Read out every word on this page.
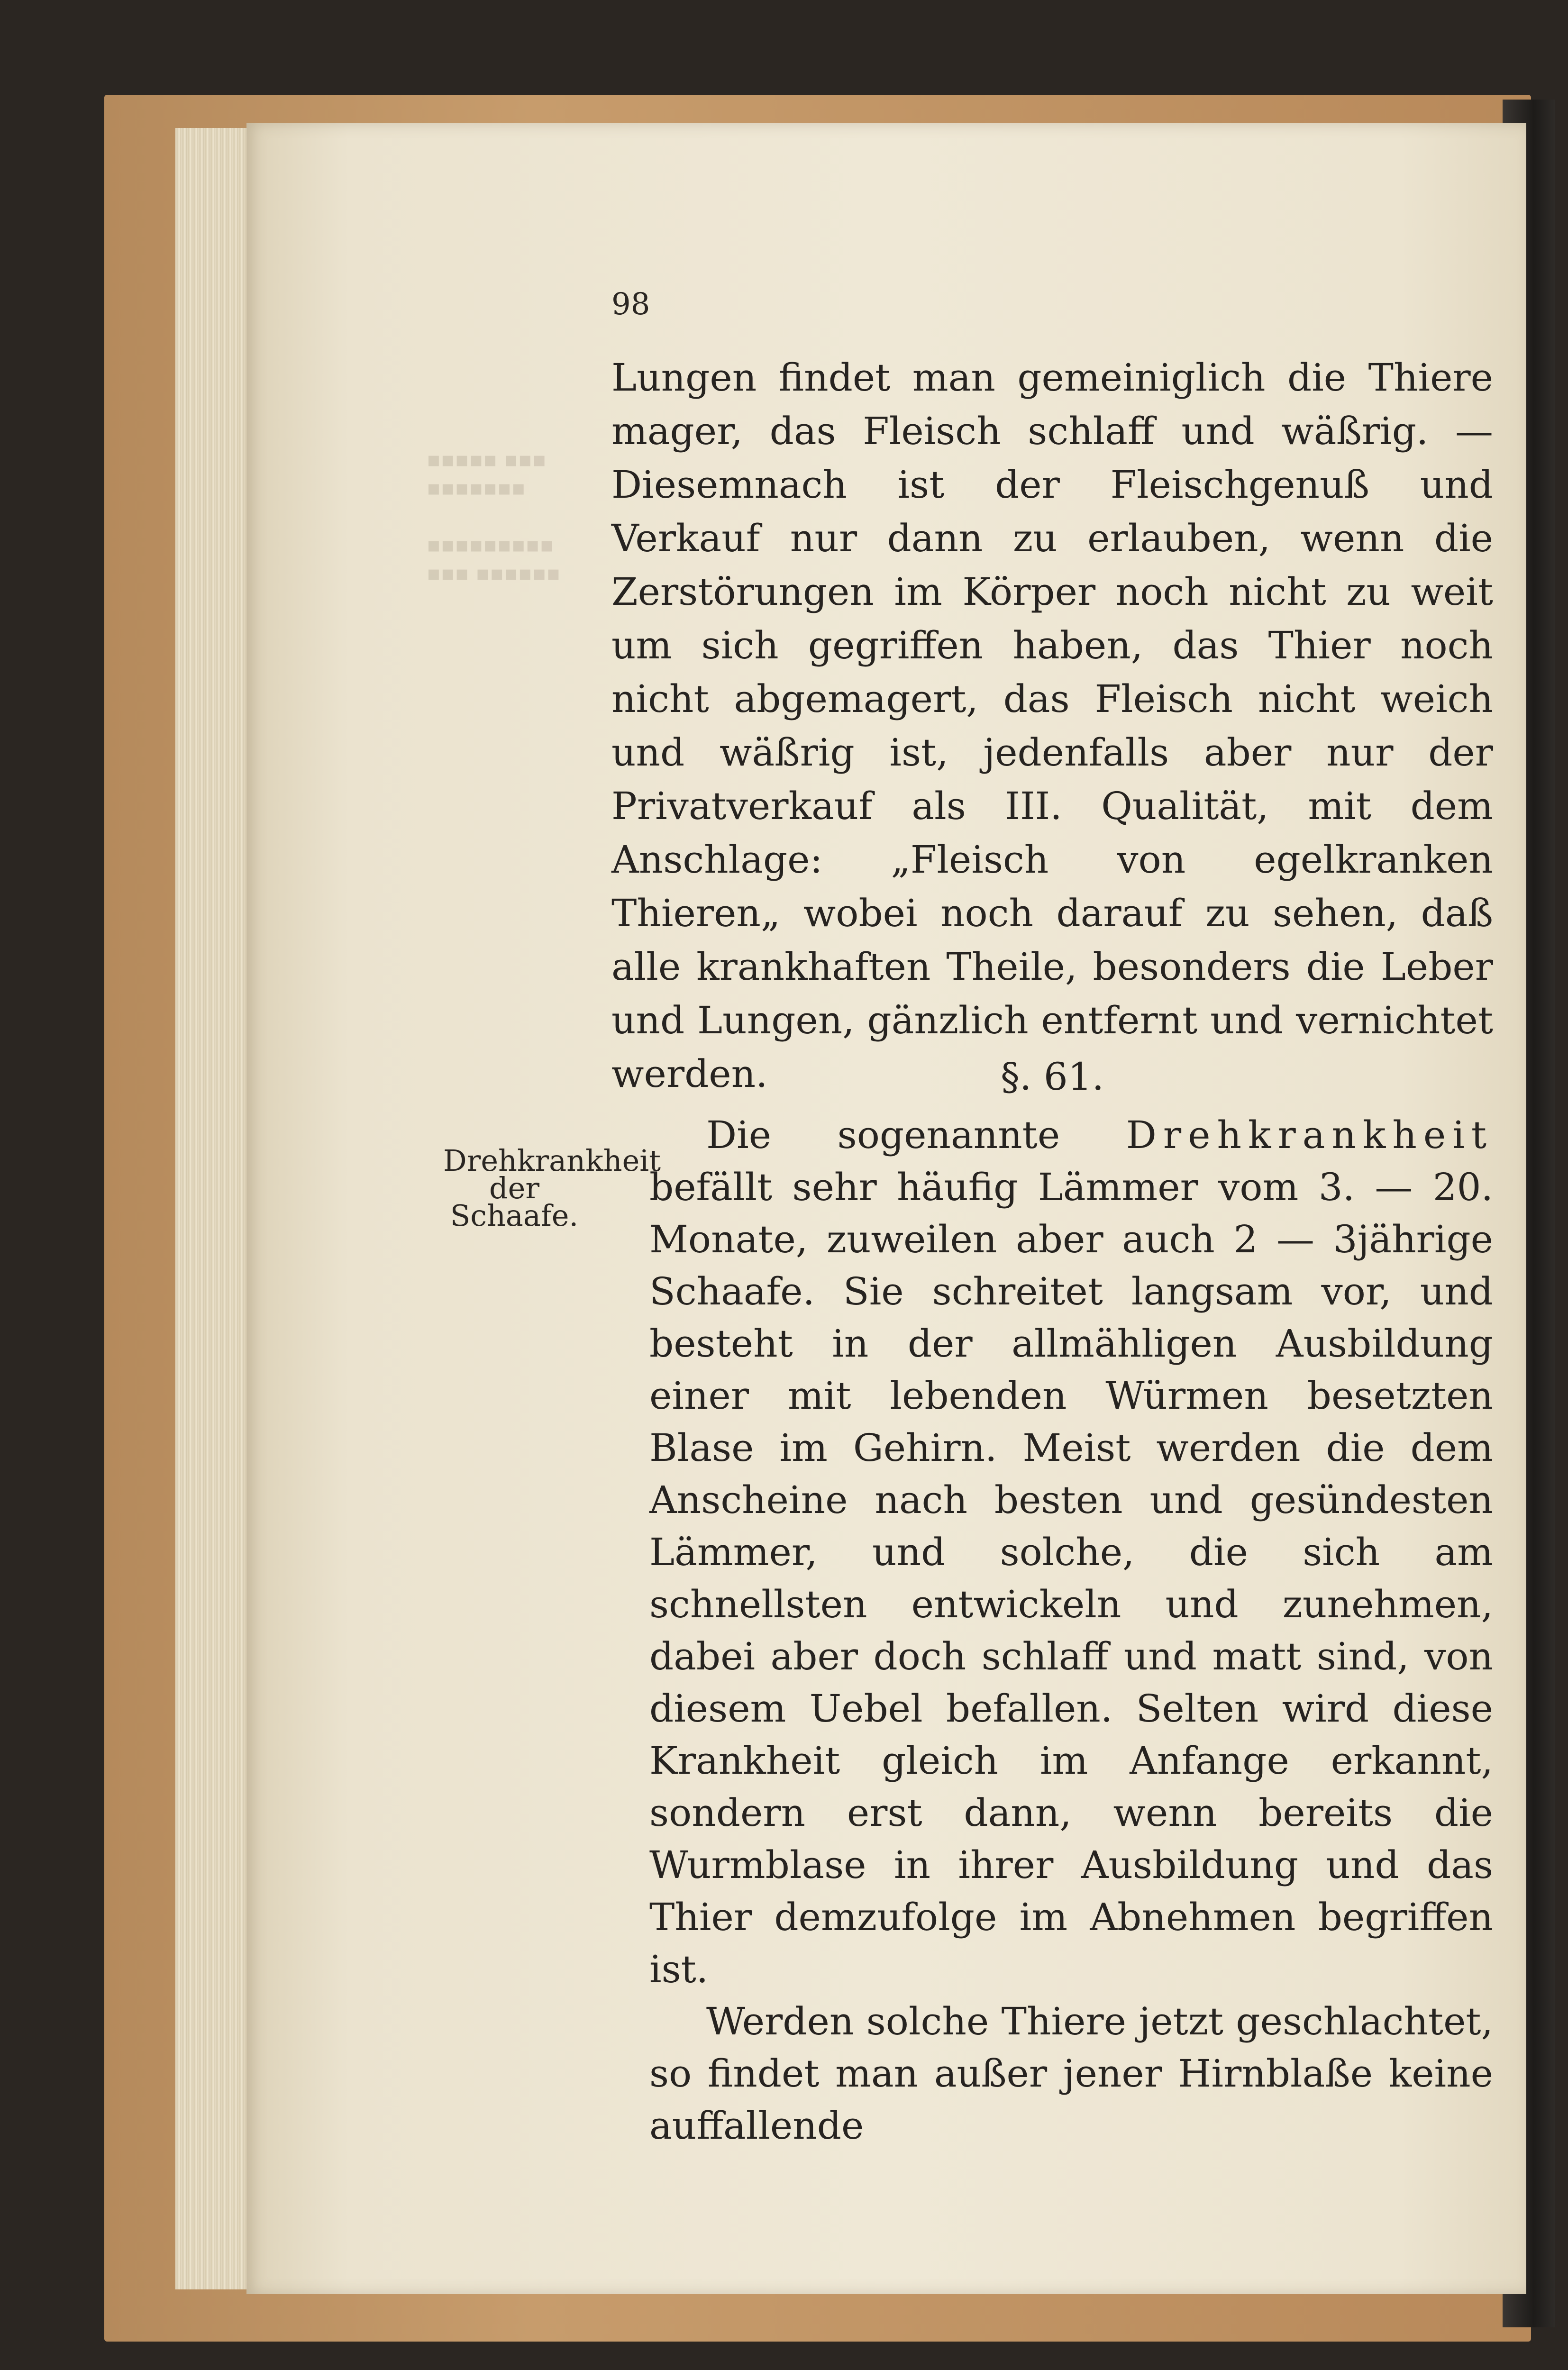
▪▪▪▪▪ ▪▪▪
▪▪▪▪▪▪▪

▪▪▪▪▪▪▪▪▪
▪▪▪ ▪▪▪▪▪▪
98

Lungen findet man gemeiniglich die Thiere mager, das Fleisch schlaff und wäßrig. — Diesemnach ist der Fleischgenuß und Verkauf nur dann zu erlauben, wenn die Zerstörungen im Körper noch nicht zu weit um sich gegriffen haben, das Thier noch nicht abgemagert, das Fleisch nicht weich und wäßrig ist, jedenfalls aber nur der Privatverkauf als III. Qualität, mit dem Anschlage: „Fleisch von egelkranken Thieren„ wobei noch darauf zu sehen, daß alle krankhaften Theile, besonders die Leber und Lungen, gänzlich entfernt und vernichtet werden.	§. 61.

Drehkrankheit der Schaafe.

Die sogenannte Drehkrankheit befällt sehr häufig Lämmer vom 3. — 20. Monate, zuweilen aber auch 2 — 3jährige Schaafe. Sie schreitet langsam vor, und besteht in der allmähligen Ausbildung einer mit lebenden Würmen besetzten Blase im Gehirn. Meist werden die dem Anscheine nach besten und gesündesten Lämmer, und solche, die sich am schnellsten entwickeln und zunehmen, dabei aber doch schlaff und matt sind, von diesem Uebel befallen. Selten wird diese Krankheit gleich im Anfange erkannt, sondern erst dann, wenn bereits die Wurmblase in ihrer Ausbildung und das Thier demzufolge im Abnehmen begriffen ist.
Werden solche Thiere jetzt geschlachtet, so findet man außer jener Hirnblaße keine auffallende
